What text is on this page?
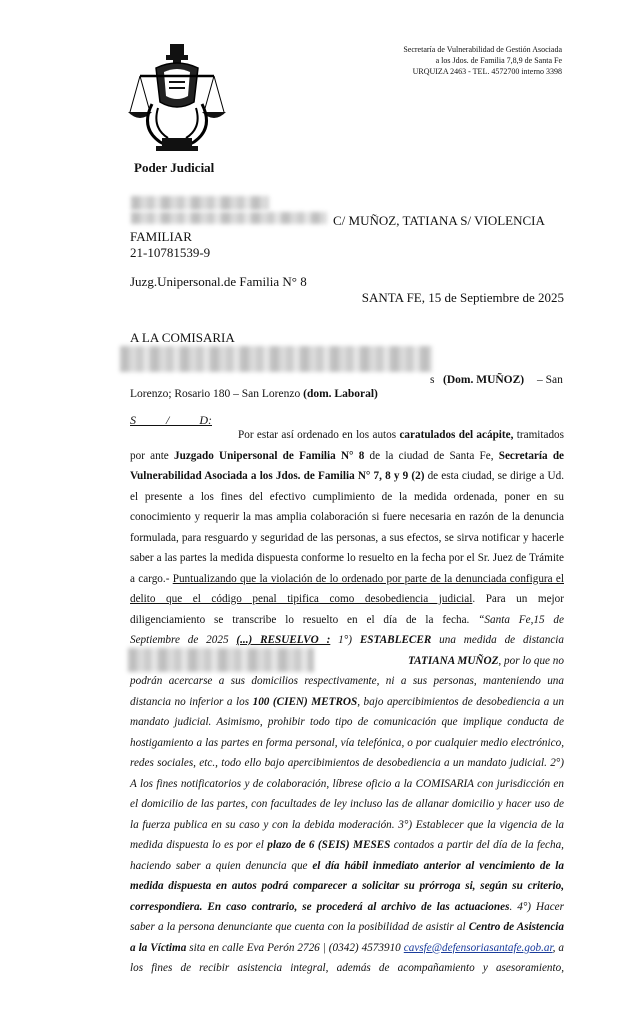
Secretaría de Vulnerabilidad de Gestión Asociada
a los Jdos. de Familia 7,8,9 de Santa Fe
URQUIZA 2463 - TEL. 4572700 interno 3398
Poder Judicial
C/ MUÑOZ, TATIANA S/ VIOLENCIA
FAMILIAR
21-10781539-9
Juzg.Unipersonal.de Familia N° 8
SANTA FE, 15 de Septiembre de 2025
A LA COMISARIA
s (Dom. MUÑOZ) – San
Lorenzo; Rosario 180 – San Lorenzo (dom. Laboral)
S          /          D:
Por estar así ordenado en los autos caratulados del acápite, tramitados
por ante Juzgado Unipersonal de Familia N° 8 de la ciudad de Santa Fe, Secretaría de
Vulnerabilidad Asociada a los Jdos. de Familia N° 7, 8 y 9 (2) de esta ciudad, se dirige a Ud.
el presente a los fines del efectivo cumplimiento de la medida ordenada, poner en su
conocimiento y requerir la mas amplia colaboración si fuere necesaria en razón de la denuncia
formulada, para resguardo y seguridad de las personas, a sus efectos, se sirva notificar y hacerle
saber a las partes la medida dispuesta conforme lo resuelto en la fecha por el Sr. Juez de Trámite
a cargo.- Puntualizando que la violación de lo ordenado por parte de la denunciada configura el
delito que el código penal tipifica como desobediencia judicial. Para un mejor
diligenciamiento se transcribe lo resuelto en el día de la fecha. “Santa Fe,15 de
Septiembre de 2025 (...) RESUELVO : 1°) ESTABLECER una medida de distancia
TATIANA MUÑOZ, por lo que no
podrán acercarse a sus domicilios respectivamente, ni a sus personas, manteniendo una
distancia no inferior a los 100 (CIEN) METROS, bajo apercibimientos de desobediencia a un
mandato judicial. Asimismo, prohibir todo tipo de comunicación que implique conducta de
hostigamiento a las partes en forma personal, vía telefónica, o por cualquier medio electrónico,
redes sociales, etc., todo ello bajo apercibimientos de desobediencia a un mandato judicial. 2°)
A los fines notificatorios y de colaboración, líbrese oficio a la COMISARIA con jurisdicción en
el domicilio de las partes, con facultades de ley incluso las de allanar domicilio y hacer uso de
la fuerza publica en su caso y con la debida moderación. 3°) Establecer que la vigencia de la
medida dispuesta lo es por el plazo de 6 (SEIS) MESES contados a partir del día de la fecha,
haciendo saber a quien denuncia que el día hábil inmediato anterior al vencimiento de la
medida dispuesta en autos podrá comparecer a solicitar su prórroga si, según su criterio,
correspondiera. En caso contrario, se procederá al archivo de las actuaciones. 4°) Hacer
saber a la persona denunciante que cuenta con la posibilidad de asistir al Centro de Asistencia
a la Víctima sita en calle Eva Perón 2726 | (0342) 4573910 cavsfe@defensoriasantafe.gob.ar, a
los fines de recibir asistencia integral, además de acompañamiento y asesoramiento,
